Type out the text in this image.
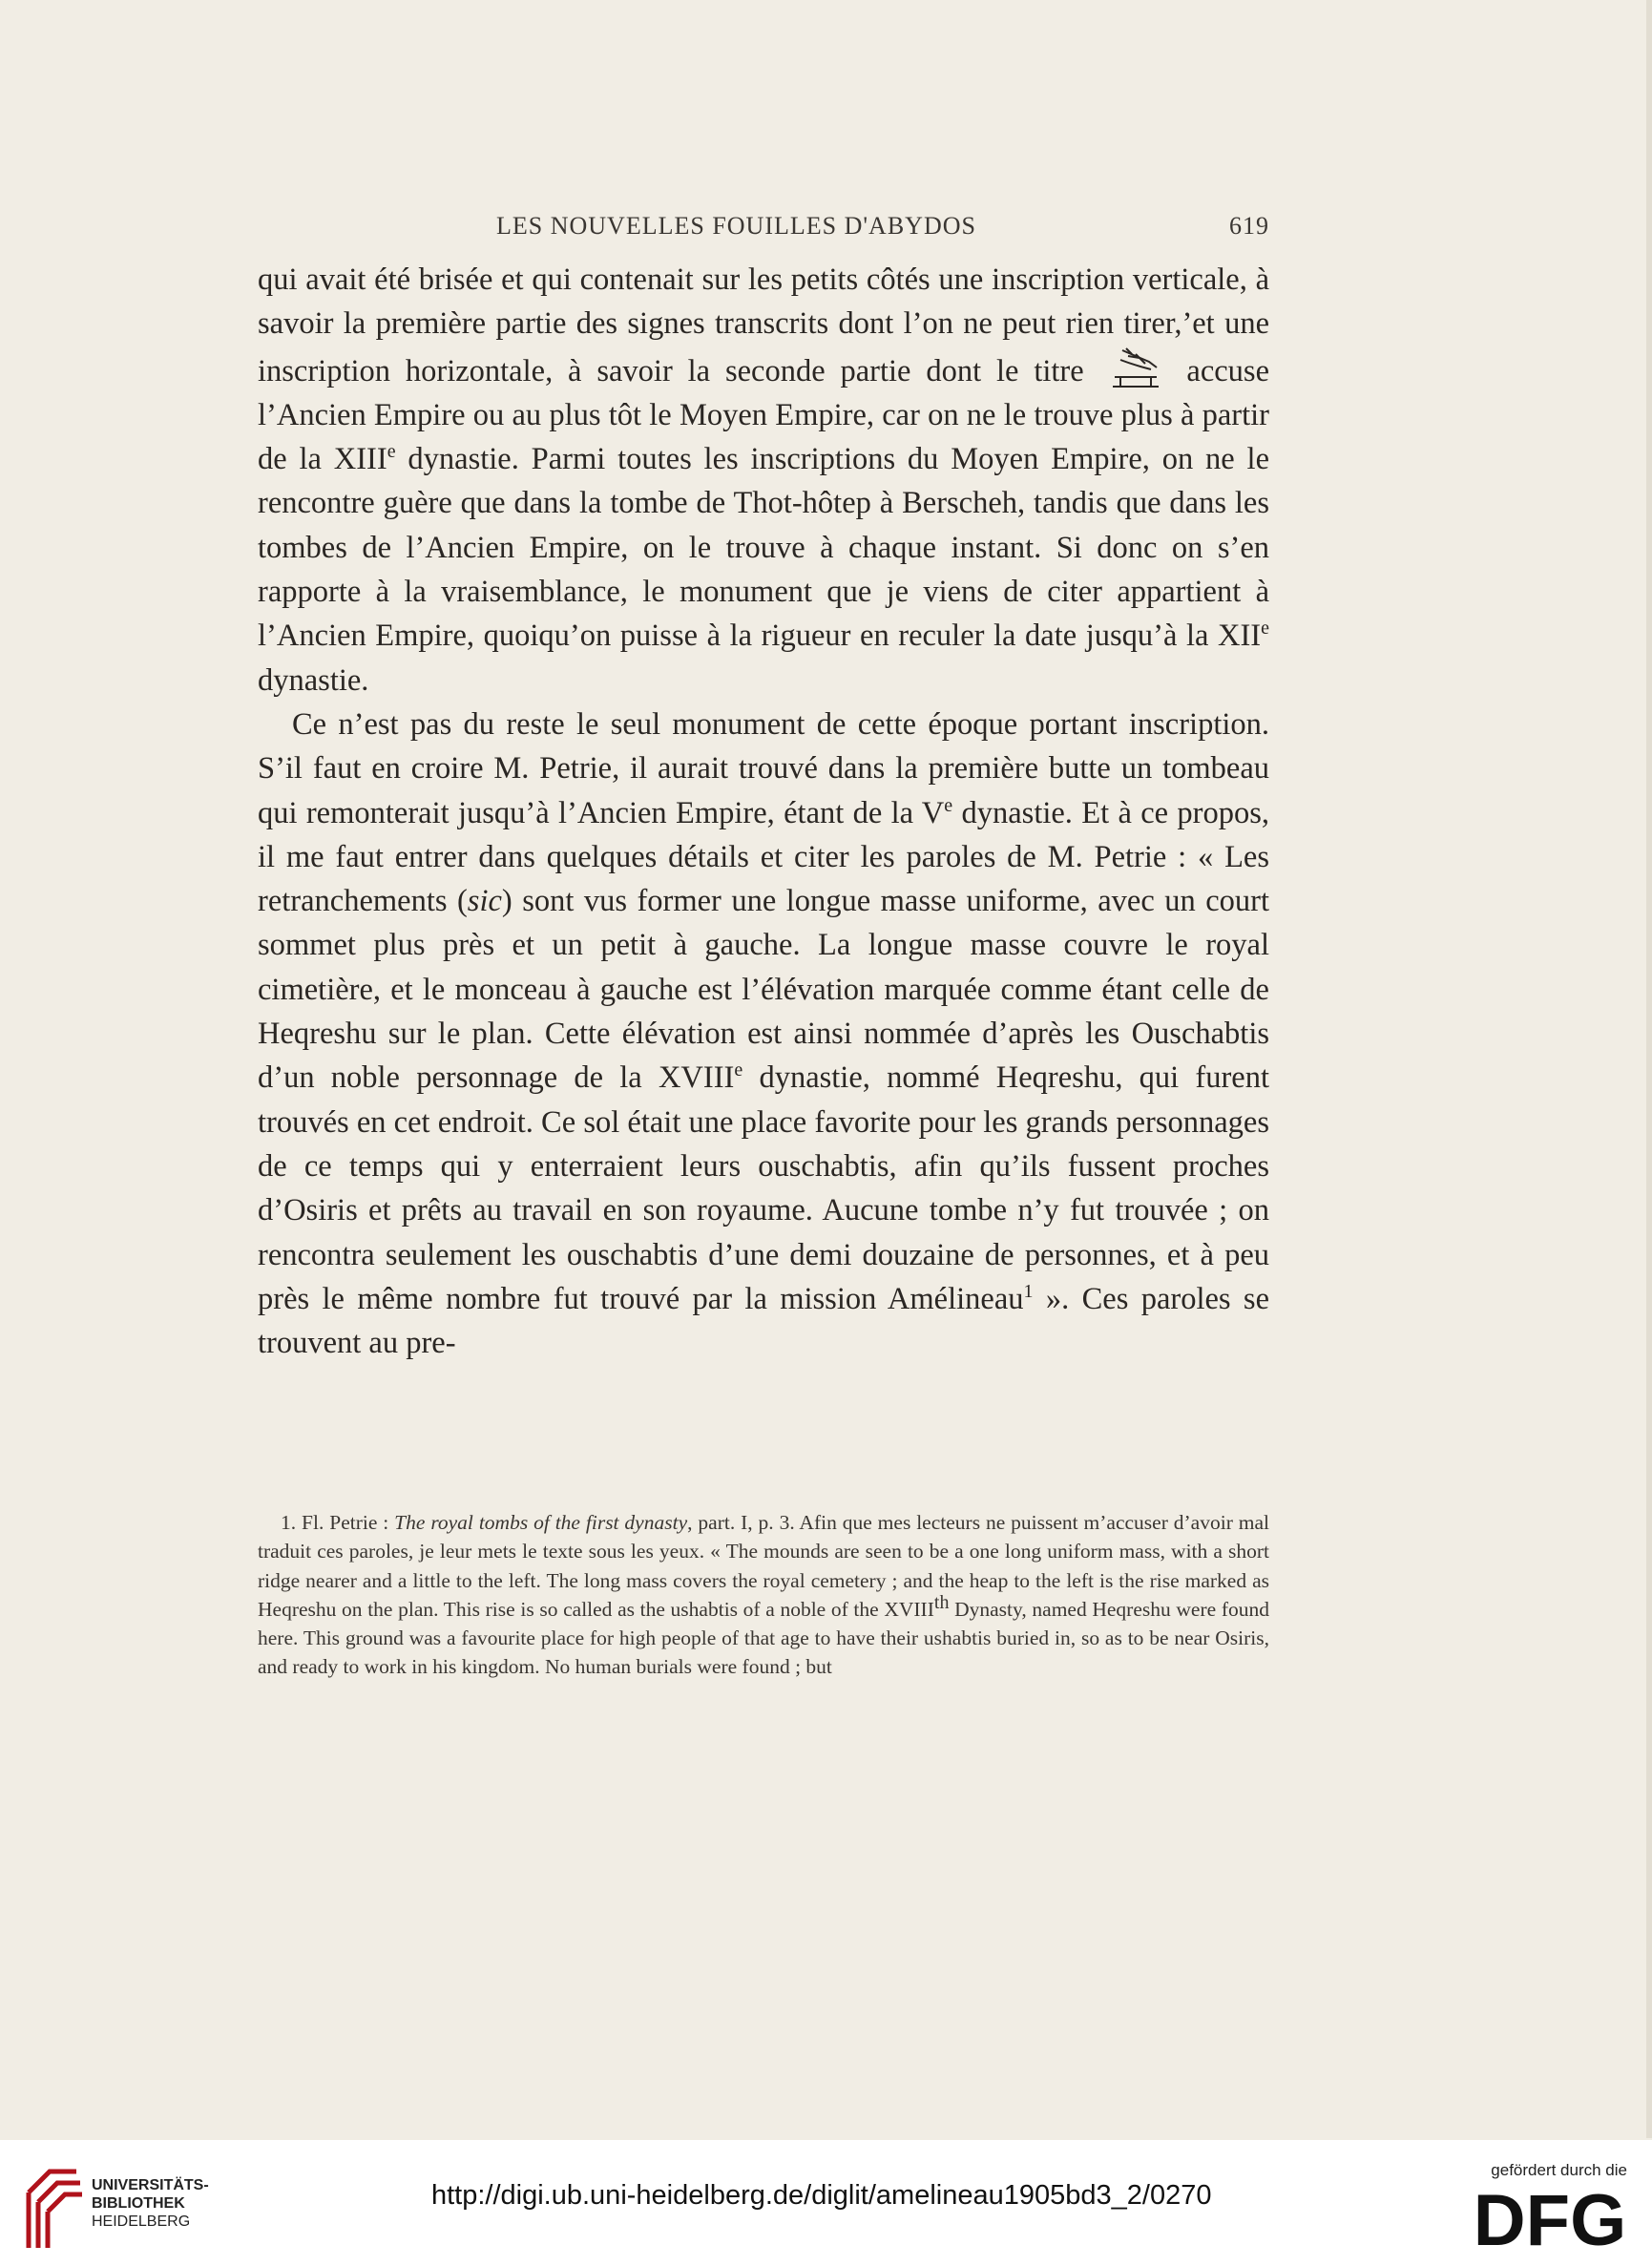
LES NOUVELLES FOUILLES D'ABYDOS	619

qui avait été brisée et qui contenait sur les petits côtés une inscription verticale, à savoir la première partie des signes transcrits dont l’on ne peut rien tirer,’et une inscription horizontale, à savoir la seconde partie dont le titre	accuse l’Ancien Empire ou au plus tôt le Moyen Empire, car on ne le trouve plus à partir de la XIIIe dynastie. Parmi toutes les inscriptions du Moyen Empire, on ne le rencontre guère que dans la tombe de Thot-hôtep à Berscheh, tandis que dans les tombes de l’Ancien Empire, on le trouve à chaque instant. Si donc on s’en rapporte à la vraisemblance, le monument que je viens de citer appartient à l’Ancien Empire, quoiqu’on puisse à la rigueur en reculer la date jusqu’à la XIIe dynastie.

Ce n’est pas du reste le seul monument de cette époque portant inscription. S’il faut en croire M. Petrie, il aurait trouvé dans la première butte un tombeau qui remonterait jusqu’à l’Ancien Empire, étant de la Ve dynastie. Et à ce propos, il me faut entrer dans quelques détails et citer les paroles de M. Petrie : « Les retranchements (sic) sont vus former une longue masse uniforme, avec un court sommet plus près et un petit à gauche. La longue masse couvre le royal cimetière, et le monceau à gauche est l’élévation marquée comme étant celle de Heqreshu sur le plan. Cette élévation est ainsi nommée d’après les Ouschabtis d’un noble personnage de la XVIIIe dynastie, nommé Heqreshu, qui furent trouvés en cet endroit. Ce sol était une place favorite pour les grands personnages de ce temps qui y enterraient leurs ouschabtis, afin qu’ils fussent proches d’Osiris et prêts au travail en son royaume. Aucune tombe n’y fut trouvée ; on rencontra seulement les ouschabtis d’une demi douzaine de personnes, et à peu près le même nombre fut trouvé par la mission Amélineau$^1$ ». Ces paroles se trouvent au pre-

1. Fl. Petrie : The royal tombs of the first dynasty, part. I, p. 3. Afin que mes lecteurs ne puissent m’accuser d’avoir mal traduit ces paroles, je leur mets le texte sous les yeux. « The mounds are seen to be a one long uniform mass, with a short ridge nearer and a little to the left. The long mass covers the royal cemetery ; and the heap to the left is the rise marked as Heqreshu on the plan. This rise is so called as the ushabtis of a noble of the XVIIIth Dynasty, named Heqreshu were found here. This ground was a favourite place for high people of that age to have their ushabtis buried in, so as to be near Osiris, and ready to work in his kingdom. No human burials were found ; but

UNIVERSITÄTS-
BIBLIOTHEK
HEIDELBERG
http://digi.ub.uni-heidelberg.de/diglit/amelineau1905bd3_2/0270
gefördert durch die
DFG
